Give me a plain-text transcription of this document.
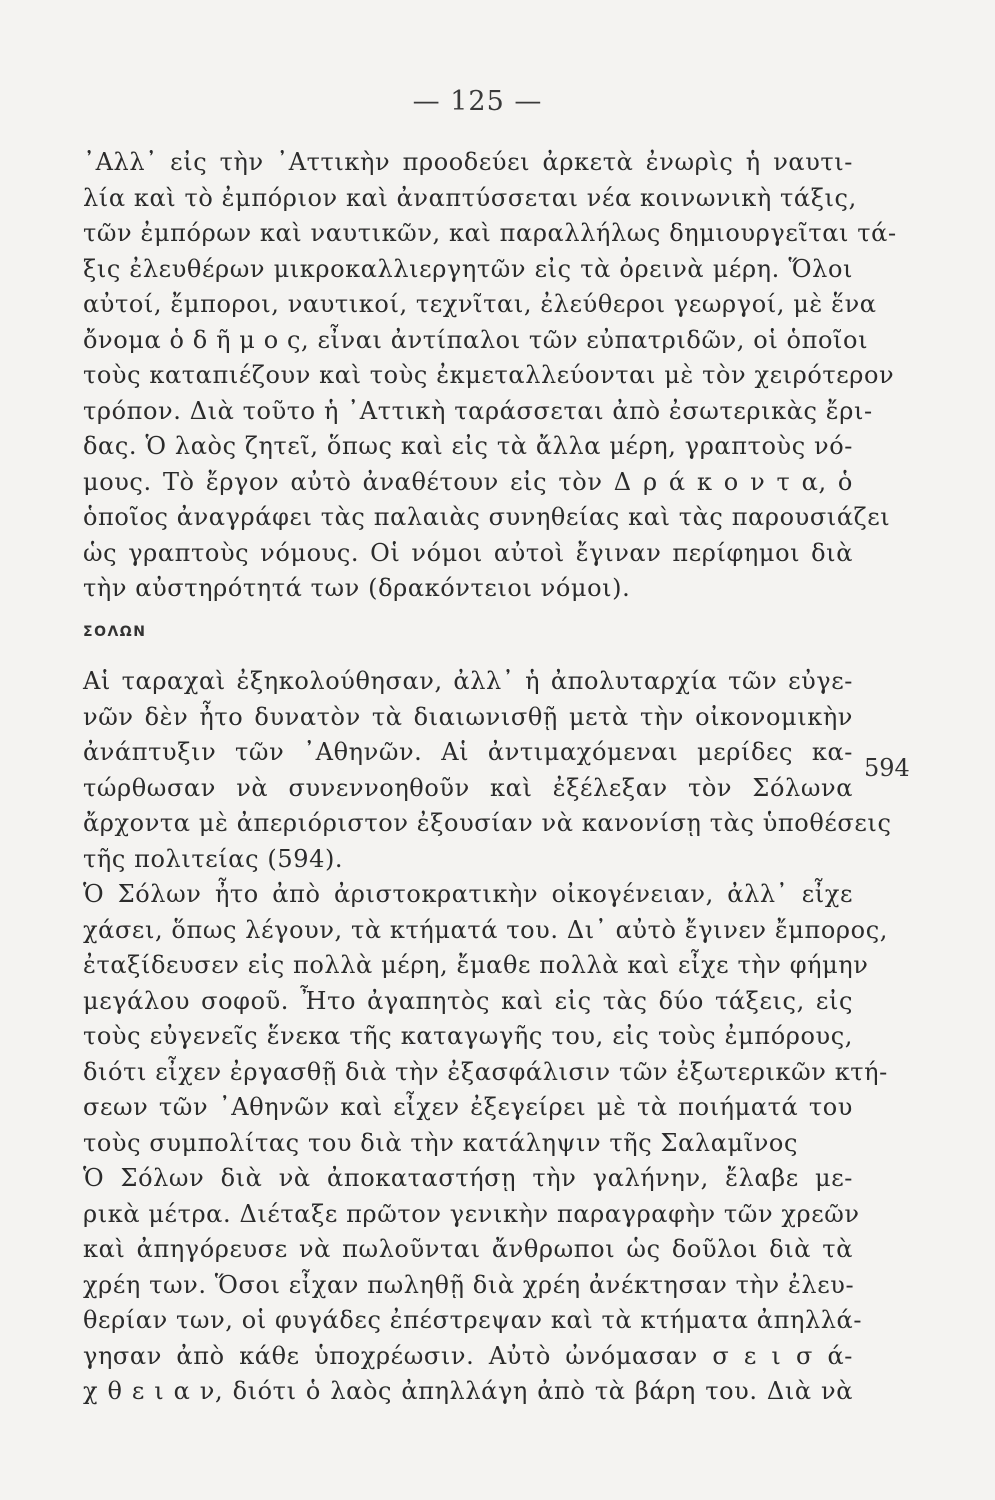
— 125 —
᾿Αλλ᾿ εἰς τὴν ᾿Αττικὴν προοδεύει ἀρκετὰ ἐνωρὶς ἡ ναυτι-
λία καὶ τὸ ἐμπόριον καὶ ἀναπτύσσεται νέα κοινωνικὴ τάξις,
τῶν ἐμπόρων καὶ ναυτικῶν, καὶ παραλλήλως δημιουργεῖται τά-
ξις ἐλευθέρων μικροκαλλιεργητῶν εἰς τὰ ὀρεινὰ μέρη. Ὅλοι
αὐτοί, ἔμποροι, ναυτικοί, τεχνῖται, ἐλεύθεροι γεωργοί, μὲ ἕνα
ὄνομα ὁ δ ῆ μ ο ς, εἶναι ἀντίπαλοι τῶν εὐπατριδῶν, οἱ ὁποῖοι
τοὺς καταπιέζουν καὶ τοὺς ἐκμεταλλεύονται μὲ τὸν χειρότερον
τρόπον. Διὰ τοῦτο ἡ ᾿Αττικὴ ταράσσεται ἀπὸ ἐσωτερικὰς ἔρι-
δας. Ὁ λαὸς ζητεῖ, ὅπως καὶ εἰς τὰ ἄλλα μέρη, γραπτοὺς νό-
μους. Τὸ ἔργον αὐτὸ ἀναθέτουν εἰς τὸν Δ ρ ά κ ο ν τ α, ὁ
ὁποῖος ἀναγράφει τὰς παλαιὰς συνηθείας καὶ τὰς παρουσιάζει
ὡς γραπτοὺς νόμους. Οἱ νόμοι αὐτοὶ ἔγιναν περίφημοι διὰ
τὴν αὐστηρότητά των (δρακόντειοι νόμοι).
ΣΟΛΩΝ
594
Αἱ ταραχαὶ ἐξηκολούθησαν, ἀλλ᾿ ἡ ἀπολυταρχία τῶν εὐγε-
νῶν δὲν ἦτο δυνατὸν τὰ διαιωνισθῇ μετὰ τὴν οἰκονομικὴν
ἀνάπτυξιν τῶν ᾿Αθηνῶν. Αἱ ἀντιμαχόμεναι μερίδες κα-
τώρθωσαν νὰ συνεννοηθοῦν καὶ ἐξέλεξαν τὸν Σόλωνα
ἄρχοντα μὲ ἀπεριόριστον ἐξουσίαν νὰ κανονίσῃ τὰς ὑποθέσεις
τῆς πολιτείας (594).
Ὁ Σόλων ἦτο ἀπὸ ἀριστοκρατικὴν οἰκογένειαν, ἀλλ᾿ εἶχε
χάσει, ὅπως λέγουν, τὰ κτήματά του. Δι᾿ αὐτὸ ἔγινεν ἔμπορος,
ἐταξίδευσεν εἰς πολλὰ μέρη, ἔμαθε πολλὰ καὶ εἶχε τὴν φήμην
μεγάλου σοφοῦ. Ἦτο ἀγαπητὸς καὶ εἰς τὰς δύο τάξεις, εἰς
τοὺς εὐγενεῖς ἕνεκα τῆς καταγωγῆς του, εἰς τοὺς ἐμπόρους,
διότι εἶχεν ἐργασθῇ διὰ τὴν ἐξασφάλισιν τῶν ἐξωτερικῶν κτή-
σεων τῶν ᾿Αθηνῶν καὶ εἶχεν ἐξεγείρει μὲ τὰ ποιήματά του
τοὺς συμπολίτας του διὰ τὴν κατάληψιν τῆς Σαλαμῖνος
Ὁ Σόλων διὰ νὰ ἀποκαταστήσῃ τὴν γαλήνην, ἔλαβε με-
ρικὰ μέτρα. Διέταξε πρῶτον γενικὴν παραγραφὴν τῶν χρεῶν
καὶ ἀπηγόρευσε νὰ πωλοῦνται ἄνθρωποι ὡς δοῦλοι διὰ τὰ
χρέη των. Ὅσοι εἶχαν πωληθῇ διὰ χρέη ἀνέκτησαν τὴν ἐλευ-
θερίαν των, οἱ φυγάδες ἐπέστρεψαν καὶ τὰ κτήματα ἀπηλλά-
γησαν ἀπὸ κάθε ὑποχρέωσιν. Αὐτὸ ὠνόμασαν σ ε ι σ ά-
χ θ ε ι α ν, διότι ὁ λαὸς ἀπηλλάγη ἀπὸ τὰ βάρη του. Διὰ νὰ
